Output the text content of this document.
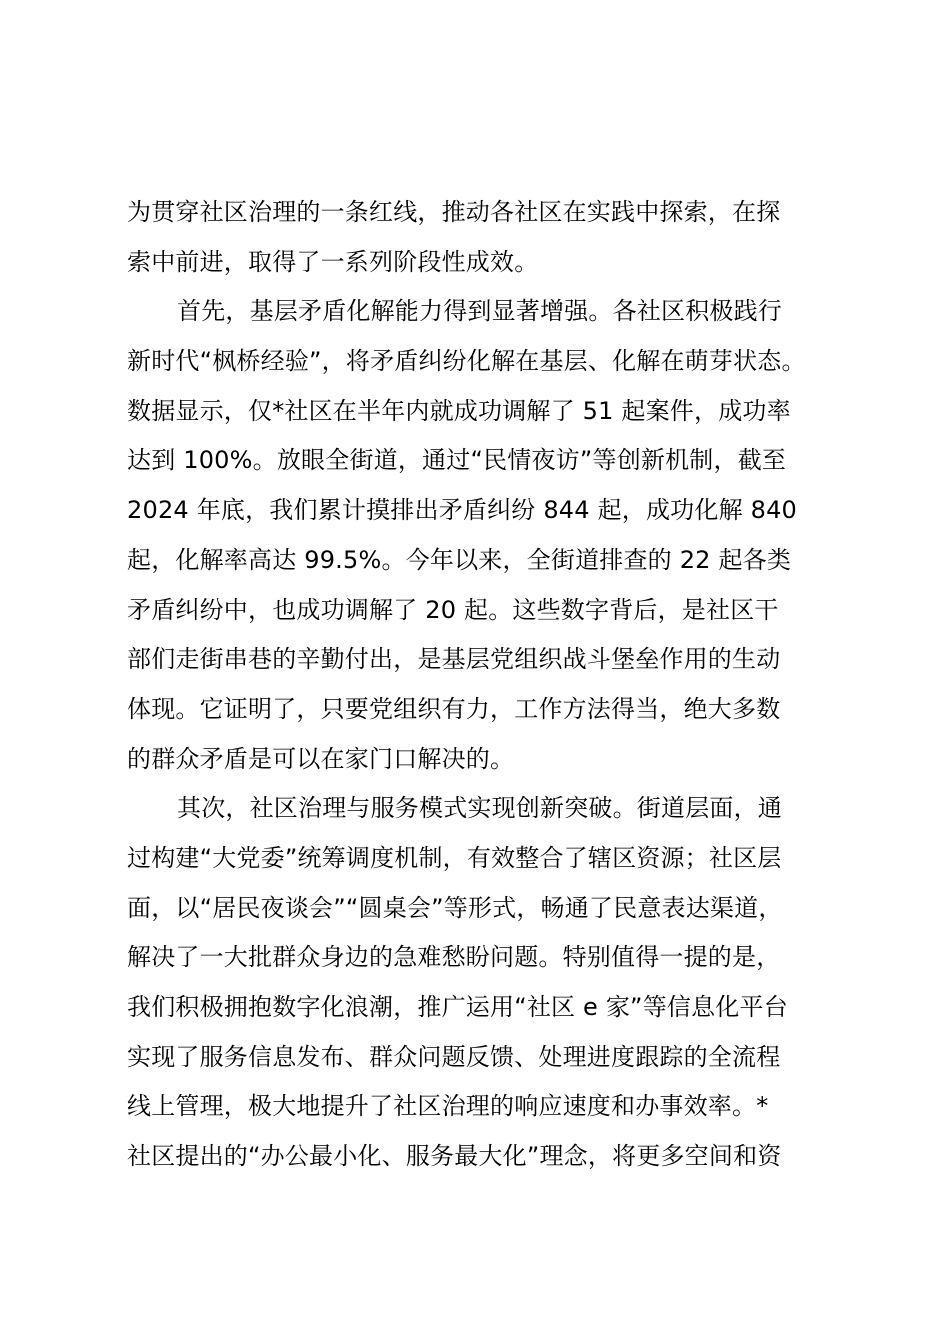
为贯穿社区治理的一条红线，推动各社区在实践中探索，在探
索中前进，取得了一系列阶段性成效。
首先，基层矛盾化解能力得到显著增强。各社区积极践行
新时代“枫桥经验”，将矛盾纠纷化解在基层、化解在萌芽状态。
数据显示，仅*社区在半年内就成功调解了 51 起案件，成功率
达到 100%。放眼全街道，通过“民情夜访”等创新机制，截至
2024 年底，我们累计摸排出矛盾纠纷 844 起，成功化解 840
起，化解率高达 99.5%。今年以来，全街道排查的 22 起各类
矛盾纠纷中，也成功调解了 20 起。这些数字背后，是社区干
部们走街串巷的辛勤付出，是基层党组织战斗堡垒作用的生动
体现。它证明了，只要党组织有力，工作方法得当，绝大多数
的群众矛盾是可以在家门口解决的。
其次，社区治理与服务模式实现创新突破。街道层面，通
过构建“大党委”统筹调度机制，有效整合了辖区资源；社区层
面，以“居民夜谈会”“圆桌会”等形式，畅通了民意表达渠道，
解决了一大批群众身边的急难愁盼问题。特别值得一提的是，
我们积极拥抱数字化浪潮，推广运用“社区 e 家”等信息化平台
实现了服务信息发布、群众问题反馈、处理进度跟踪的全流程
线上管理，极大地提升了社区治理的响应速度和办事效率。*
社区提出的“办公最小化、服务最大化”理念，将更多空间和资
